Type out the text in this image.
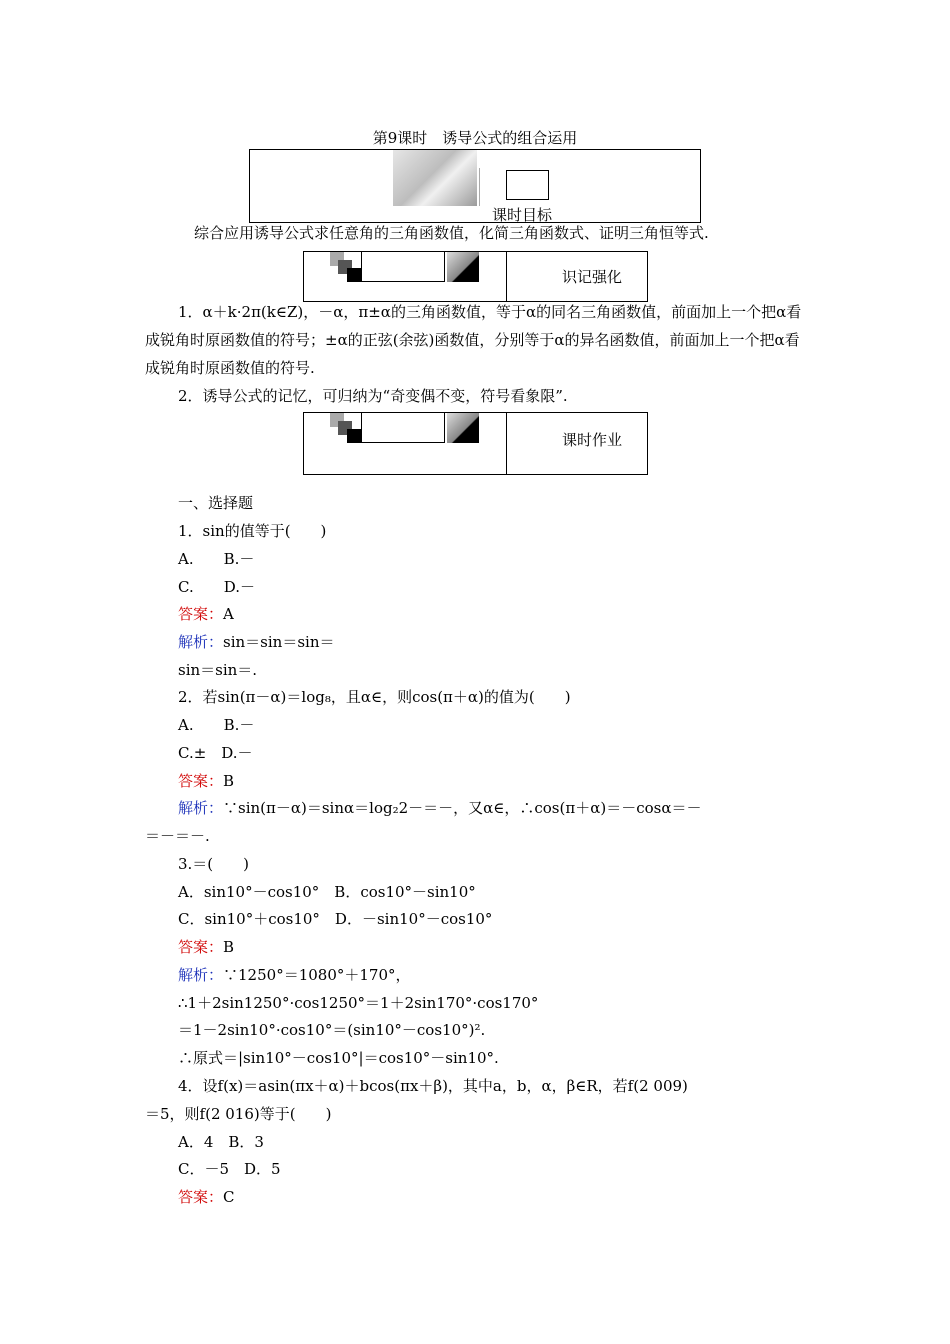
第9课时　诱导公式的组合运用
课时目标
综合应用诱导公式求任意角的三角函数值，化简三角函数式、证明三角恒等式.
识记强化
1．α＋k·2π(k∈Z)，－α，π±α的三角函数值，等于α的同名三角函数值，前面加上一个把α看成锐角时原函数值的符号；±α的正弦(余弦)函数值，分别等于α的异名函数值，前面加上一个把α看成锐角时原函数值的符号.
2．诱导公式的记忆，可归纳为“奇变偶不变，符号看象限”.
课时作业
一、选择题
1．sin的值等于(　　)
A.　　B.－
C.　　D.－
答案：A
解析：sin＝sin＝sin＝
sin＝sin＝.
2．若sin(π－α)＝log₈，且α∈，则cos(π＋α)的值为(　　)
A.　　B.－
C.±　D.－
答案：B
解析：∵sin(π－α)＝sinα＝log₂2－＝－，又α∈，∴cos(π＋α)＝－cosα＝－
＝－＝－.
3.＝(　　)
A．sin10°－cos10°　B．cos10°－sin10°
C．sin10°＋cos10°　D．－sin10°－cos10°
答案：B
解析：∵1250°＝1080°＋170°，
∴1＋2sin1250°·cos1250°＝1＋2sin170°·cos170°
＝1－2sin10°·cos10°＝(sin10°－cos10°)².
∴原式＝|sin10°－cos10°|＝cos10°－sin10°.
4．设f(x)＝asin(πx＋α)＋bcos(πx＋β)，其中a，b，α，β∈R，若f(2 009)
＝5，则f(2 016)等于(　　)
A．4　B．3
C．－5　D．5
答案：C
